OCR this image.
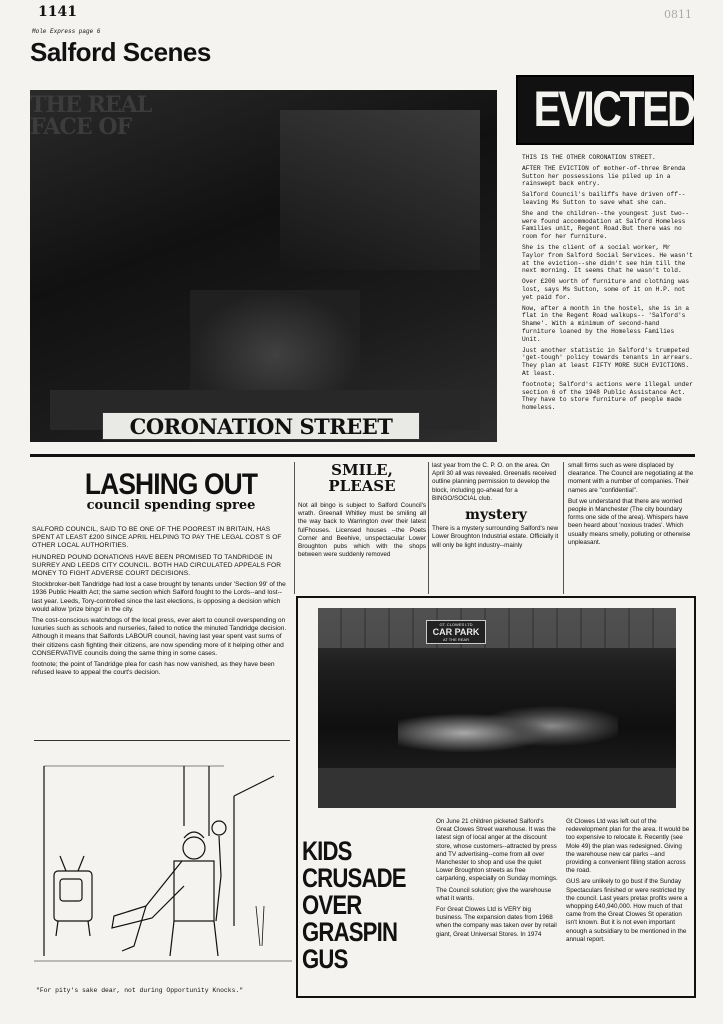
1141	0811
Mole Express page 6
Salford Scenes
THE REAL FACE OF
CORONATION STREET
EVICTED!

THIS IS THE OTHER CORONATION STREET.

AFTER THE EVICTION of mother-of-three Brenda Sutton her possessions lie piled up in a rainswept back entry.

Salford Council's bailiffs have driven off--leaving Ms Sutton to save what she can.

She and the children--the youngest just two--were found accommodation at Salford Homeless Families unit, Regent Road.But there was no room for her furniture.

She is the client of a social worker, Mr Taylor from Salford Social Services. He wasn't at the eviction--she didn't see him till the next morning. It seems that he wasn't told.

Over £200 worth of furniture and clothing was lost, says Ms Sutton, some of it on H.P. not yet paid for.

Now, after a month in the hostel, she is in a flat in the Regent Road walkups-- 'Salford's Shame'. With a minimum of second-hand furniture loaned by the Homeless Families Unit.

Just another statistic in Salford's trumpeted 'get-tough' policy towards tenants in arrears. They plan at least FIFTY MORE SUCH EVICTIONS. At least.

footnote; Salford's actions were illegal under section 6 of the 1948 Public Assistance Act. They have to store furniture of people made homeless.

LASHING OUT
council spending spree

SALFORD COUNCIL, SAID TO BE ONE OF THE POOREST IN BRITAIN, HAS SPENT AT LEAST £200 SINCE APRIL HELPING TO PAY THE LEGAL COST S OF OTHER LOCAL AUTHORITIES.

HUNDRED POUND DONATIONS HAVE BEEN PROMISED TO TANDRIDGE IN SURREY AND LEEDS CITY COUNCIL. BOTH HAD CIRCULATED APPEALS FOR MONEY TO FIGHT ADVERSE COURT DECISIONS.

Stockbroker-belt Tandridge had lost a case brought by tenants under 'Section 99' of the 1936 Public Health Act; the same section which Salford fought to the Lords--and lost--last year. Leeds, Tory-controlled since the last elections, is opposing a decision which would allow 'prize bingo' in the city.

The cost-conscious watchdogs of the local press, ever alert to council overspending on luxuries such as schools and nurseries, failed to notice the minuted Tandridge decision. Although it means that Salfords LABOUR council, having last year spent vast sums of their citizens cash fighting their citizens, are now spending more of it helping other and CONSERVATIVE councils doing the same thing in some cases.

footnote; the point of Tandridge plea for cash has now vanished, as they have been refused leave to appeal the court's decision.

SMILE,
PLEASE
Not all bingo is subject to Salford Council's wrath. Greenall Whitley must be smiling all the way back to Warrington over their latest fulFhouses. Licensed houses --the Poets Corner and Beehive, unspectacular Lower Broughton pubs which with the shops between were suddenly removed
last year from the C. P. O. on the area. On April 30 all was revealed. Greenalls received outline planning permission to develop the block, including go-ahead for a BINGO/SOCIAL club.
mystery
There is a mystery surrounding Salford's new Lower Broughton Industrial estate. Officially it will only be light industry--mainly

small firms such as were displaced by clearance. The Council are negotiating at the moment with a number of companies. Their names are "confidential".

But we understand that there are worried people in Manchester (The city boundary forms one side of the area). Whispers have been heard about 'noxious trades'. Which usually means smelly, polluting or otherwise unpleasant.

GT. CLOWES LTD
CAR PARK
AT THE REAR
KIDS
CRUSADE
OVER
GRASPIN
GUS

On June 21 children picketed Salford's Great Clowes Street warehouse. It was the latest sign of local anger at the discount store, whose customers--attracted by press and TV advertising--come from all over Manchester to shop and use the quiet Lower Broughton streets as free carparking, especially on Sunday mornings.

The Council solution; give the warehouse what it wants.

For Great Clowes Ltd is VERY big business. The expansion dates from 1968 when the company was taken over by retail giant, Great Universal Stores. In 1974

Gt Clowes Ltd was left out of the redevelopment plan for the area. It would be too expensive to relocate it. Recently (see Mole 49) the plan was redesigned. Giving the warehouse new car parks --and providing a convenient filling station across the road.

GUS are unlikely to go bust if the Sunday Spectaculars finished or were restricted by the council. Last years pretax profits were a whopping £40,940,000. How much of that came from the Great Clowes St operation isn't known. But it is not even important enough a subsidiary to be mentioned in the annual report.

"For pity's sake dear, not during Opportunity Knocks."
